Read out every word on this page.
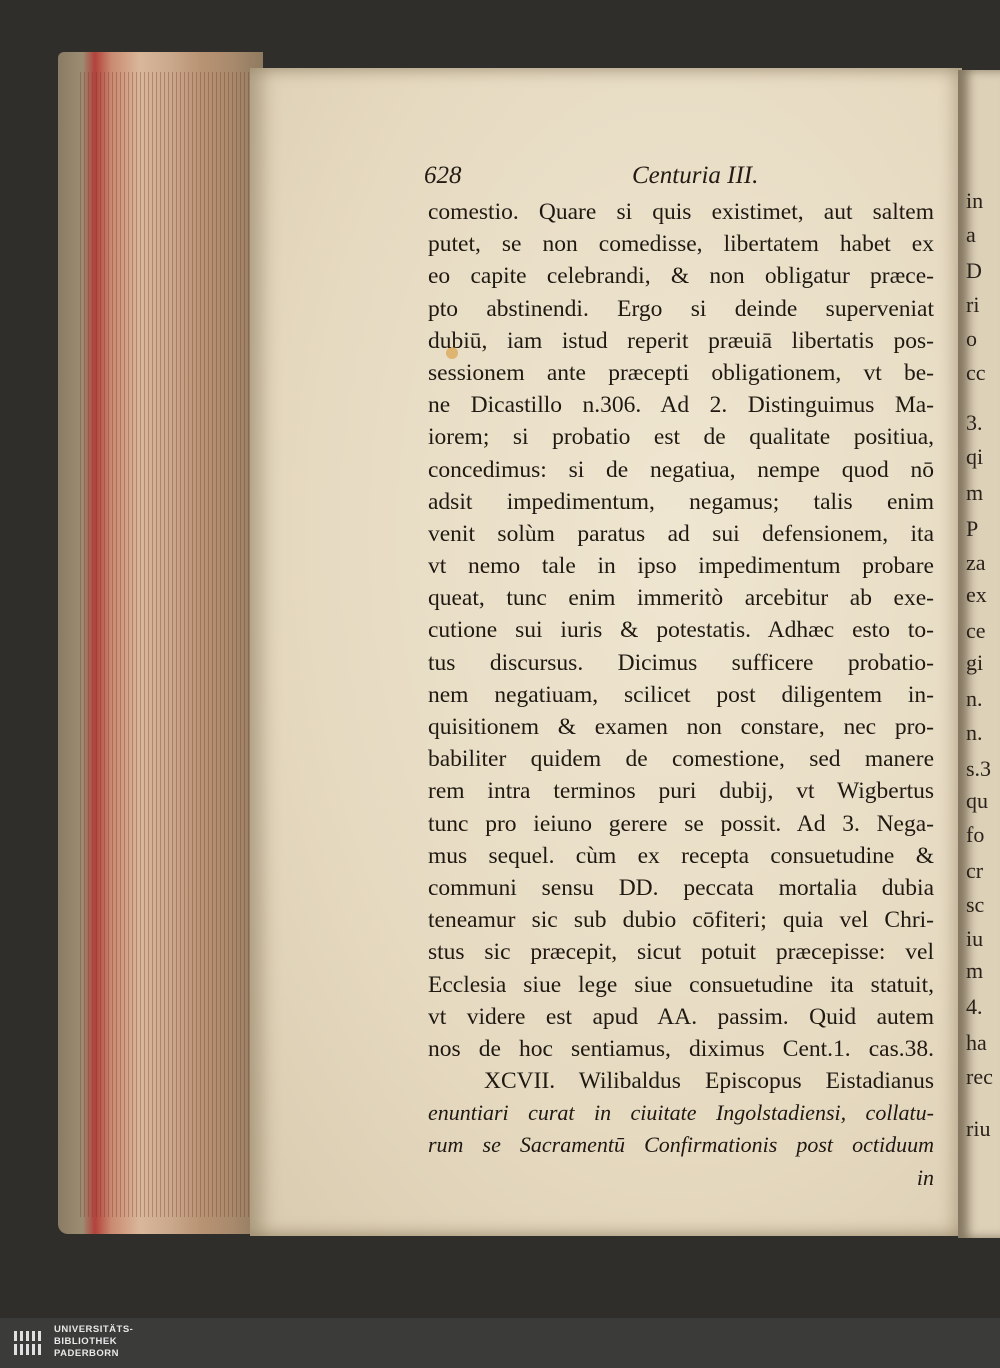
in
a
D
ri
o
cc
3.
qi
m
P
za
ex
ce
gi
n.
n.
s.3
qu
fo
cr
sc
iu
m
4.
ha
rec
riu
628	Centuria III.
comestio. Quare si quis existimet, aut saltem
putet, se non comedisse, libertatem habet ex
eo capite celebrandi, & non obligatur præce-
pto abstinendi. Ergo si deinde superveniat
dubiū, iam istud reperit præuiā libertatis pos-
sessionem ante præcepti obligationem, vt be-
ne Dicastillo n.306. Ad 2. Distinguimus Ma-
iorem; si probatio est de qualitate positiua,
concedimus: si de negatiua, nempe quod nō
adsit impedimentum, negamus; talis enim
venit solùm paratus ad sui defensionem, ita
vt nemo tale in ipso impedimentum probare
queat, tunc enim immeritò arcebitur ab exe-
cutione sui iuris & potestatis. Adhæc esto to-
tus discursus. Dicimus sufficere probatio-
nem negatiuam, scilicet post diligentem in-
quisitionem & examen non constare, nec pro-
babiliter quidem de comestione, sed manere
rem intra terminos puri dubij, vt Wigbertus
tunc pro ieiuno gerere se possit. Ad 3. Nega-
mus sequel. cùm ex recepta consuetudine &
communi sensu DD. peccata mortalia dubia
teneamur sic sub dubio cōfiteri; quia vel Chri-
stus sic præcepit, sicut potuit præcepisse: vel
Ecclesia siue lege siue consuetudine ita statuit,
vt videre est apud AA. passim. Quid autem
nos de hoc sentiamus, diximus Cent.1. cas.38.
XCVII. Wilibaldus Episcopus Eistadianus
enuntiari curat in ciuitate Ingolstadiensi, collatu-
rum se Sacramentū Confirmationis post octiduum
in
UNIVERSITÄTS-
BIBLIOTHEK
PADERBORN
